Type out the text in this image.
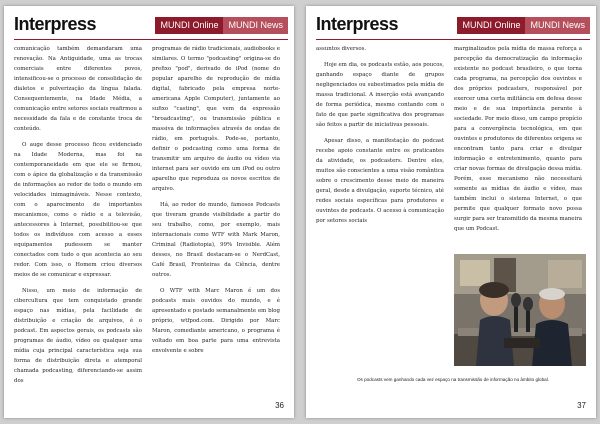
Interpress	MUNDI Online	MUNDI News

comunicação também demandaram uma renovação. Na Antiguidade, uma as trocas comerciais entre diferentes povos, intensificou-se o processo de consolidação de dialetos e pulverização da língua falada. Consequentemente, na Idade Média, a comunicação entre setores sociais reafirmou a necessidade da fala e de constante troca de conteúdo.

O auge desse processo ficou evidenciado na Idade Moderna, mas foi na contemporaneidade em que ele se firmou, com o ápice da globalização e da transmissão de informações ao redor de todo o mundo em velocidades inimagináveis. Nesse contexto, com o aparecimento de importantes mecanismos, como o rádio e a televisão, antecessores à Internet, possibilitou-se que todos os indivíduos com acesso a esses equipamentos pudessem se manter conectados com tudo o que acontecia ao seu redor. Com isso, o Homem criou diversos meios de se comunicar e expressar.

Nisso, um meio de informação de cibercultura que tem conquistado grande espaço nas mídias, pela facilidade de distribuição e criação de arquivos, é o podcast. Em aspectos gerais, os podcasts são programas de áudio, vídeo ou qualquer uma mídia cuja principal característica seja sua forma de distribuição direta e atemporal chamada podcasting, diferenciando-se assim dos

programas de rádio tradicionais, audiobooks e similares. O termo "podcasting" origina-se do prefixo "pod", derivado de iPod (nome do popular aparelho de reprodução de mídia digital, fabricado pela empresa norte-americana Apple Computer), juntamente ao sufixo "casting", que vem da expressão "broadcasting", ou transmissão pública e massiva de informações através de ondas de rádio, em português. Pode-se, portanto, definir o podcasting como uma forma de transmitir um arquivo de áudio ou vídeo via internet para ser ouvido em um iPod ou outro aparelho que reproduza os novos escritos de arquivo.

Há, ao redor do mundo, famosos Podcasts que tiveram grande visibilidade a partir do seu trabalho, como, por exemplo, mais internacionais como WTF with Mark Maron, Criminal (Radiotopia), 99% Invisible. Além desses, no Brasil destacam-se o NerdCast, Café Brasil, Fronteiras da Ciência, dentre outros.

O WTF with Marc Maron é um dos podcasts mais ouvidos do mundo, e é apresentado e postado semanalmente em blog próprio, wtfpod.com. Dirigido por Marc Maron, comediante americano, o programa é voltado em boa parte para uma entrevista envolvente e sobre

36
Interpress	MUNDI Online	MUNDI News

assuntos diversos.

Hoje em dia, os podcasts estão, aos poucos, ganhando espaço diante de grupos negligenciados ou subestimados pela mídia de massa tradicional. A inserção está avançando de forma periódica, mesmo contando com o fato de que parte significativa dos programas são feitos a partir de iniciativas pessoais.

Apesar disso, a manifestação do podcast recebe apoio constante entre os praticantes da atividade, os podcasters. Dentre eles, muitos são conscientes a uma visão romântica sobre o crescimento desse meio de maneira geral, desde a divulgação, suporte técnico, até redes sociais específicas para produtores e ouvintes de podcasts. O acesso à comunicação por setores sociais

marginalizados pela mídia de massa reforça a percepção da democratização da informação existente no podcast brasileiro, o que torna cada programa, na percepção dos ouvintes e dos próprios podcasters, responsável por exercer uma certa militância em defesa desse meio e de sua importância perante à sociedade. Por meio disso, um campo propício para a convergência tecnológica, em que ouvintes e produtores de diferentes origens se encontram tanto para criar e divulgar informação e entretenimento, quanto para criar novas formas de divulgação dessa mídia. Porém, esse mecanismo não necessitará somente as mídias de áudio e vídeo, mas também inclui o sistema Internet, o que permite que qualquer formato novo possa surgir para ser transmitido da mesma maneira que um Podcast.

Os podcasts vem ganhando cada vez espaço na transmissão de informação no âmbito global.
37
